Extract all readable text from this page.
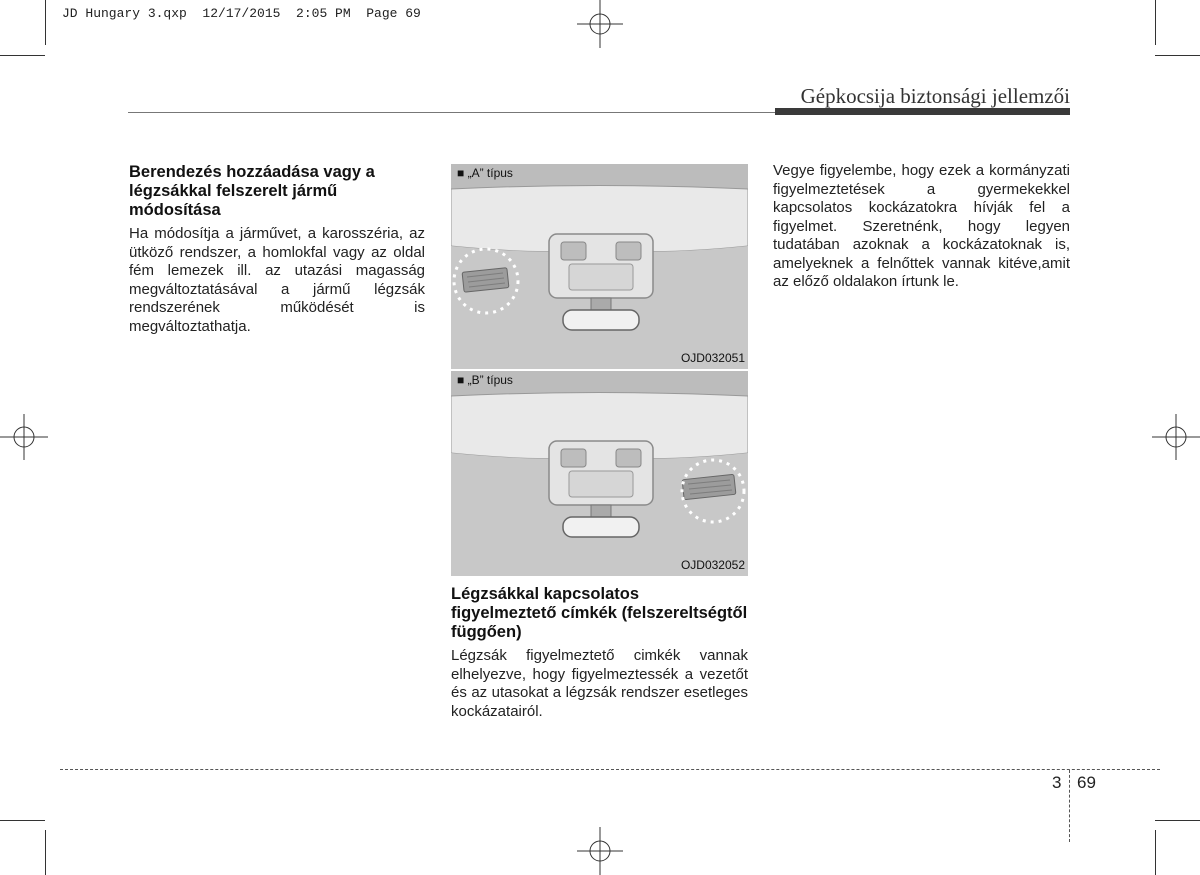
JD Hungary 3.qxp  12/17/2015  2:05 PM  Page 69
Gépkocsija biztonsági jellemzői
Berendezés hozzáadása vagy a légzsákkal felszerelt jármű módosítása
Ha módosítja a járművet, a karosszéria, az ütköző rendszer, a homlokfal vagy az oldal fém lemezek ill. az utazási magasság megváltoztatásával a jármű légzsák rendszerének működését is megváltoztathatja.
■ „A” típus
OJD032051
■ „B” típus
OJD032052
Légzsákkal kapcsolatos figyelmeztető címkék (felszereltségtől függően)
Légzsák figyelmeztető cimkék vannak elhelyezve, hogy figyelmeztessék a vezetőt és az utasokat a légzsák rendszer esetleges kockázatairól.
Vegye figyelembe, hogy ezek a kormányzati figyelmeztetések a gyermekekkel kapcsolatos kockázatokra hívják fel a figyelmet. Szeretnénk, hogy legyen tudatában azoknak a kockázatoknak is, amelyeknek a felnőttek vannak kitéve,amit az előző oldalakon írtunk le.
3 69
